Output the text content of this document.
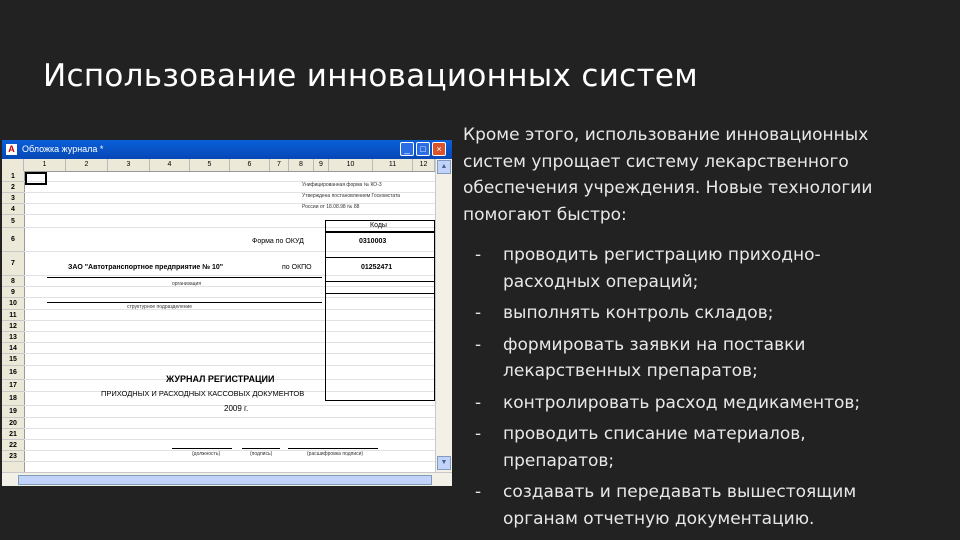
Использование инновационных систем
A Обложка журнала *	_	□	×
1	2	3	4	5	6	7	8	9	10	11	12
1
2
3
4
5
6
7
8
9
10
11
12
13
14
15
16
17
18
19
20
21
22
23
Унифицированная форма № КО-3
Утверждена постановлением Госкомстата
России от 18.08.98 № 88
Коды
Форма по ОКУД	0310003
ЗАО "Автотранспортное предприятие № 10"	по ОКПО	01252471
организация
структурное подразделение
ЖУРНАЛ РЕГИСТРАЦИИ
ПРИХОДНЫХ И РАСХОДНЫХ КАССОВЫХ ДОКУМЕНТОВ
2009 г.
(должность)	(подпись)	(расшифровка подписи)
▲
▼

Кроме этого, использование инновационных систем упрощает систему лекарственного обеспечения учреждения. Новые технологии помогают быстро:

- проводить регистрацию приходно-расходных операций;
- выполнять контроль складов;
- формировать заявки на поставки лекарственных препаратов;
- контролировать расход медикаментов;
- проводить списание материалов, препаратов;
- создавать и передавать вышестоящим органам отчетную документацию.
